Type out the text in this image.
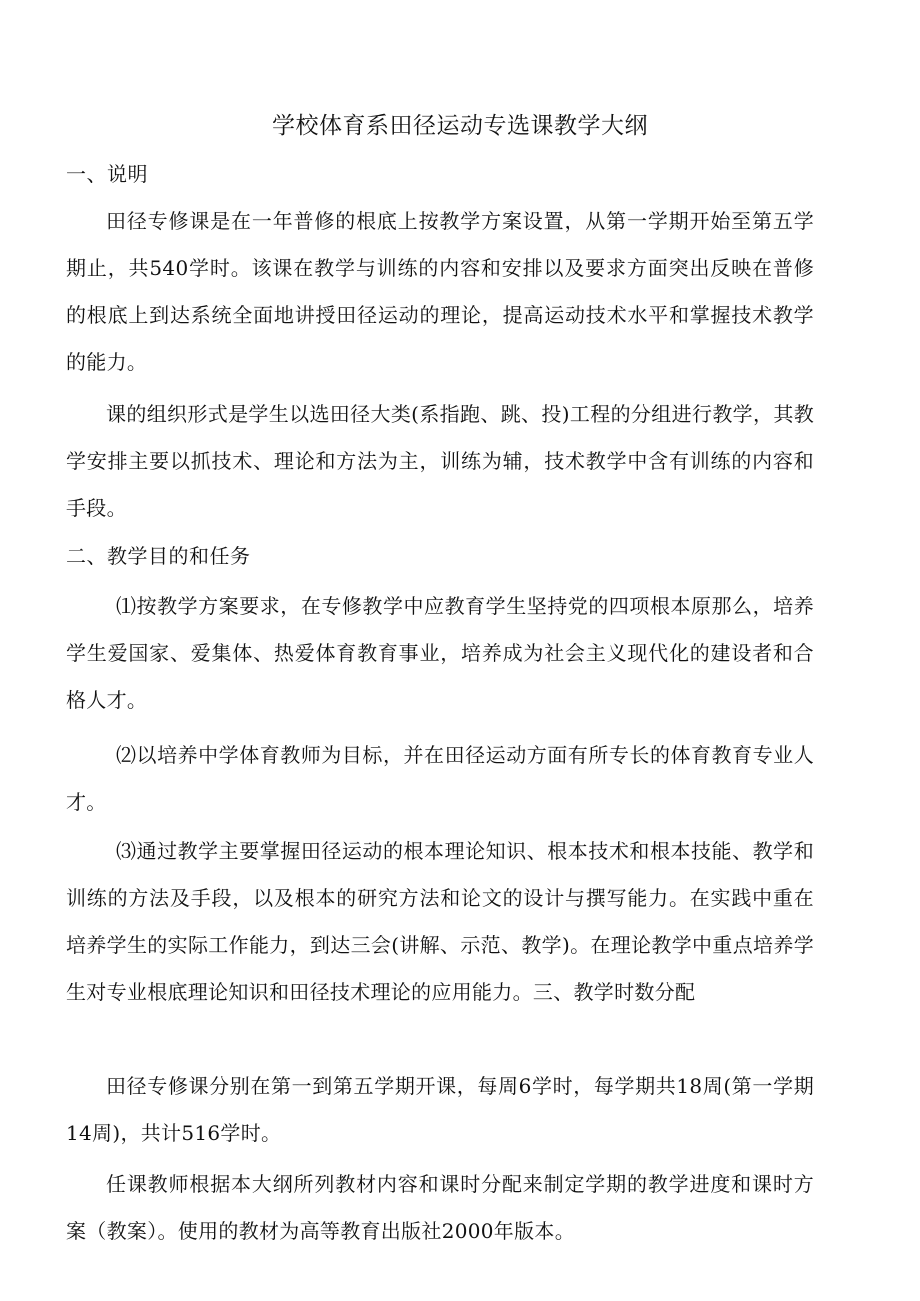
学校体育系田径运动专选课教学大纲

一、说明

田径专修课是在一年普修的根底上按教学方案设置，从第一学期开始至第五学期止，共540学时。该课在教学与训练的内容和安排以及要求方面突出反映在普修的根底上到达系统全面地讲授田径运动的理论，提高运动技术水平和掌握技术教学的能力。

课的组织形式是学生以选田径大类(系指跑、跳、投)工程的分组进行教学，其教学安排主要以抓技术、理论和方法为主，训练为辅，技术教学中含有训练的内容和手段。

二、教学目的和任务

⑴按教学方案要求，在专修教学中应教育学生坚持党的四项根本原那么，培养学生爱国家、爱集体、热爱体育教育事业，培养成为社会主义现代化的建设者和合格人才。

⑵以培养中学体育教师为目标，并在田径运动方面有所专长的体育教育专业人才。

⑶通过教学主要掌握田径运动的根本理论知识、根本技术和根本技能、教学和训练的方法及手段，以及根本的研究方法和论文的设计与撰写能力。在实践中重在培养学生的实际工作能力，到达三会(讲解、示范、教学)。在理论教学中重点培养学生对专业根底理论知识和田径技术理论的应用能力。三、教学时数分配

田径专修课分别在第一到第五学期开课，每周6学时，每学期共18周(第一学期14周)，共计516学时。

任课教师根据本大纲所列教材内容和课时分配来制定学期的教学进度和课时方案（教案）。使用的教材为高等教育出版社2000年版本。
